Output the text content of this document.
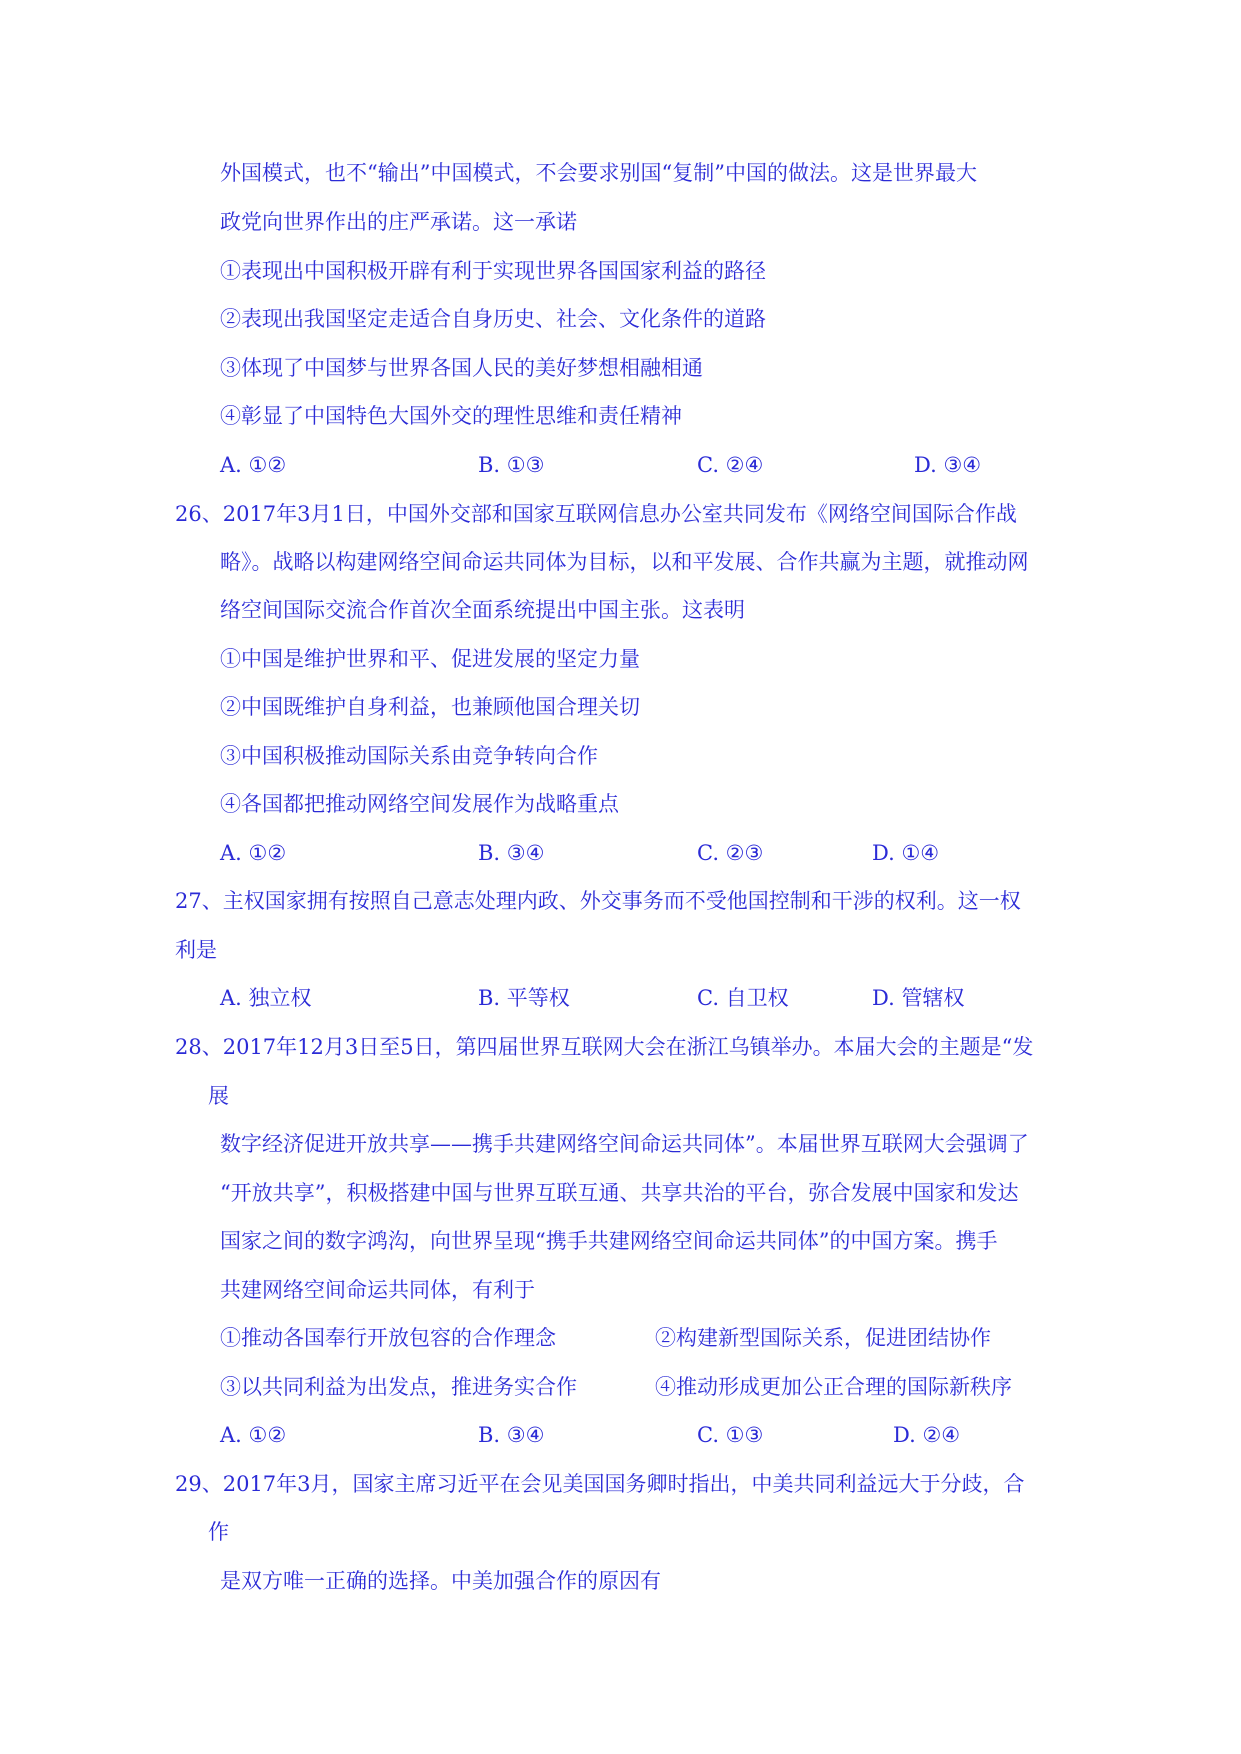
外国模式，也不“输出”中国模式，不会要求别国“复制”中国的做法。这是世界最大
政党向世界作出的庄严承诺。这一承诺
①表现出中国积极开辟有利于实现世界各国国家利益的路径
②表现出我国坚定走适合自身历史、社会、文化条件的道路
③体现了中国梦与世界各国人民的美好梦想相融相通
④彰显了中国特色大国外交的理性思维和责任精神
A. ①②	B. ①③	C. ②④	D. ③④
26、2017年3月1日，中国外交部和国家互联网信息办公室共同发布《网络空间国际合作战
略》。战略以构建网络空间命运共同体为目标，以和平发展、合作共赢为主题，就推动网
络空间国际交流合作首次全面系统提出中国主张。这表明
①中国是维护世界和平、促进发展的坚定力量
②中国既维护自身利益，也兼顾他国合理关切
③中国积极推动国际关系由竞争转向合作
④各国都把推动网络空间发展作为战略重点
A. ①②	B. ③④	C. ②③	D. ①④
27、主权国家拥有按照自己意志处理内政、外交事务而不受他国控制和干涉的权利。这一权
利是
A. 独立权	B. 平等权	C. 自卫权	D. 管辖权
28、2017年12月3日至5日，第四届世界互联网大会在浙江乌镇举办。本届大会的主题是“发
展
数字经济促进开放共享——携手共建网络空间命运共同体”。本届世界互联网大会强调了
“开放共享”，积极搭建中国与世界互联互通、共享共治的平台，弥合发展中国家和发达
国家之间的数字鸿沟，向世界呈现“携手共建网络空间命运共同体”的中国方案。携手
共建网络空间命运共同体，有利于
①推动各国奉行开放包容的合作理念	②构建新型国际关系，促进团结协作
③以共同利益为出发点，推进务实合作	④推动形成更加公正合理的国际新秩序
A. ①②	B. ③④	C. ①③	D. ②④
29、2017年3月，国家主席习近平在会见美国国务卿时指出，中美共同利益远大于分歧，合
作
是双方唯一正确的选择。中美加强合作的原因有
